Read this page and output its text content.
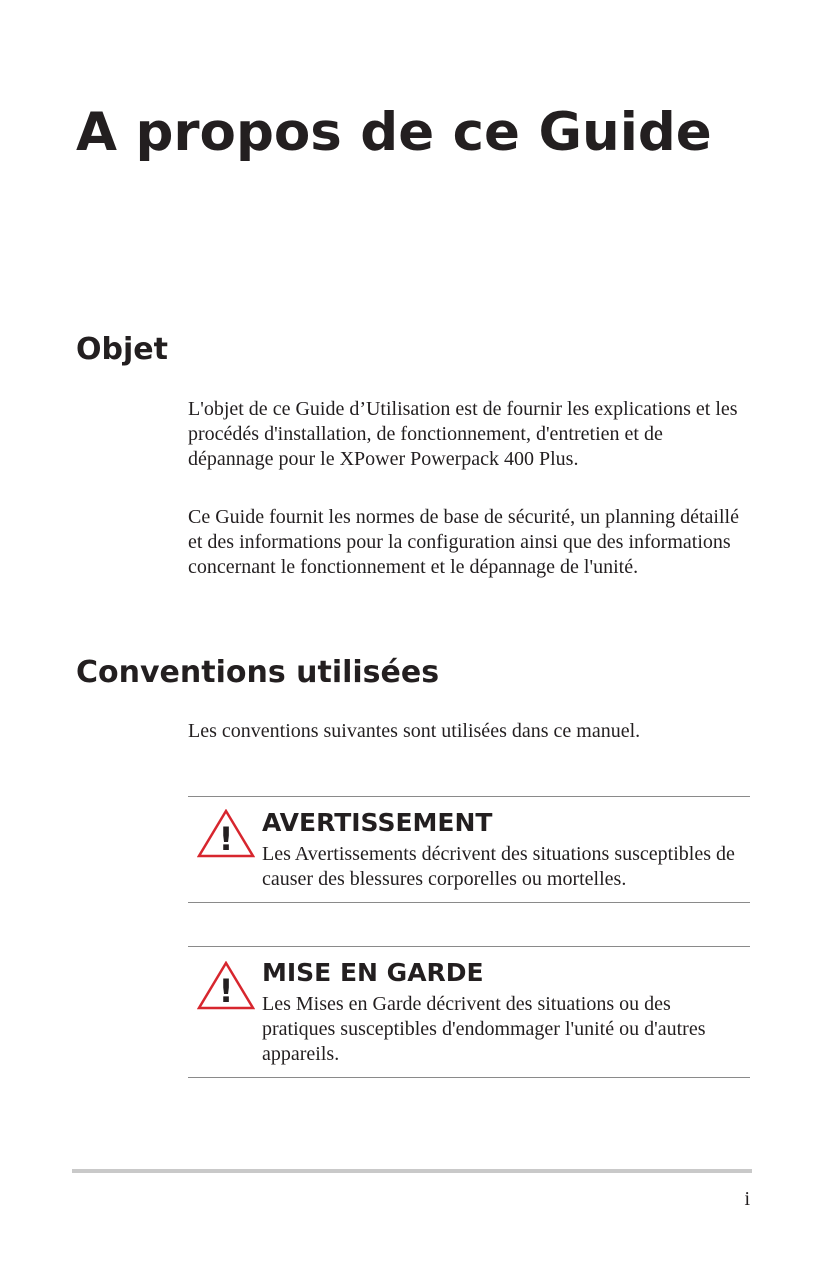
A propos de ce Guide
Objet

L'objet de ce Guide d’Utilisation est de fournir les explications et les procédés d'installation, de fonctionnement, d'entretien et de dépannage pour le XPower Powerpack 400 Plus.

Ce Guide fournit les normes de base de sécurité, un planning détaillé et des informations pour la configuration ainsi que des informations concernant le fonctionnement et le dépannage de l'unité.

Conventions utilisées

Les conventions suivantes sont utilisées dans ce manuel.

! AVERTISSEMENT

Les Avertissements décrivent des situations susceptibles de causer des blessures corporelles ou mortelles.

! MISE EN GARDE

Les Mises en Garde décrivent des situations ou des pratiques susceptibles d'endommager l'unité ou d'autres appareils.

i
